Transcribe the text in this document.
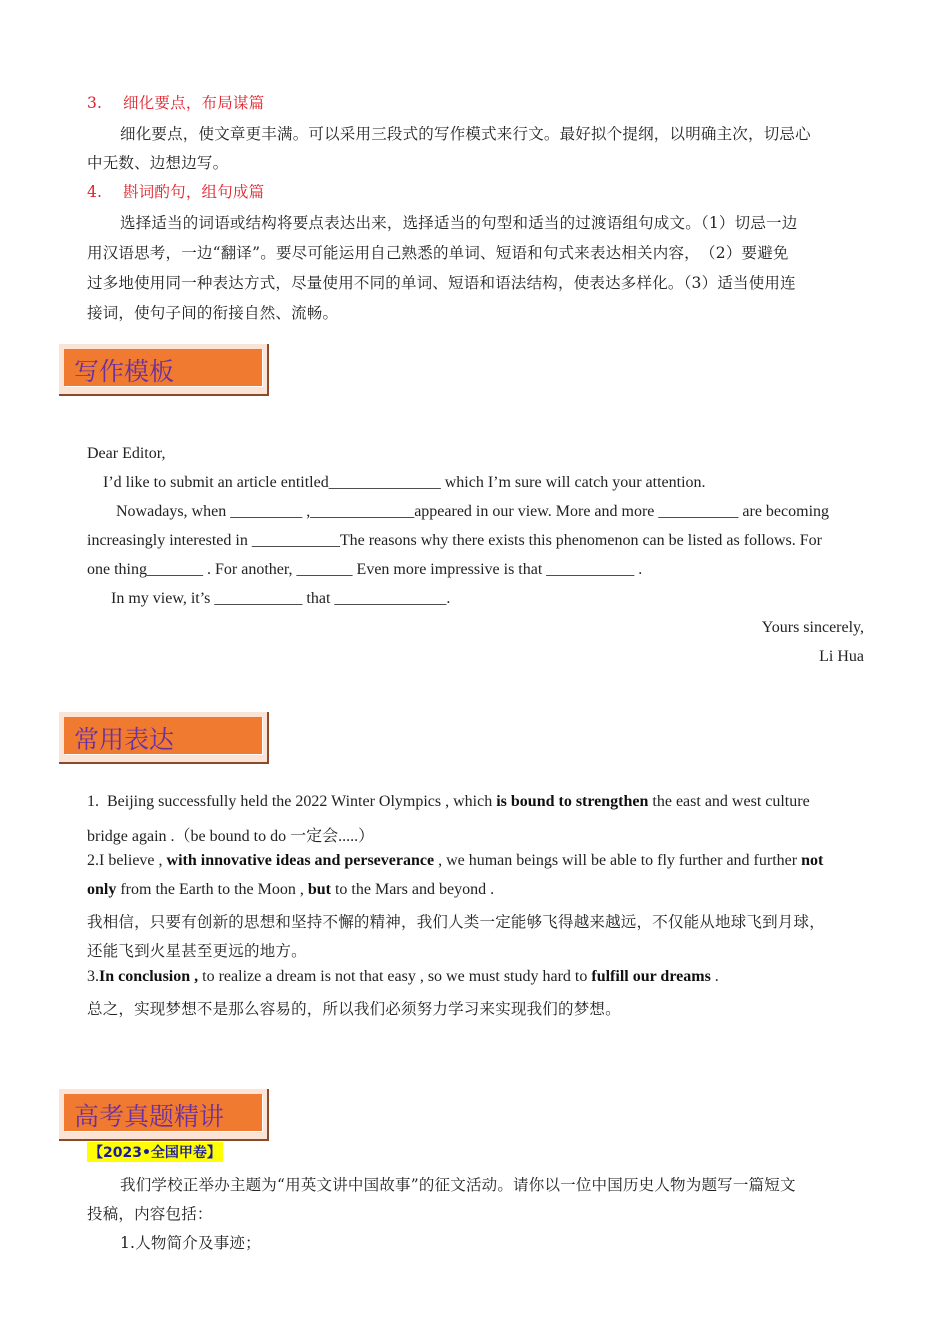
3.　 细化要点，布局谋篇
细化要点，使文章更丰满。可以采用三段式的写作模式来行文。最好拟个提纲，以明确主次，切忌心
中无数、边想边写。
4.　 斟词酌句，组句成篇
选择适当的词语或结构将要点表达出来，选择适当的句型和适当的过渡语组句成文。（1）切忌一边
用汉语思考，一边“翻译”。要尽可能运用自己熟悉的单词、短语和句式来表达相关内容，　（2）要避免
过多地使用同一种表达方式，尽量使用不同的单词、短语和语法结构，使表达多样化。（3）适当使用连
接词，使句子间的衔接自然、流畅。
写作模板
Dear Editor,
I’d like to submit an article entitled______________ which I’m sure will catch your attention.
Nowadays, when _________ ,_____________appeared in our view. More and more __________ are becoming
increasingly interested in ___________The reasons why there exists this phenomenon can be listed as follows. For
one thing_______ . For another, _______ Even more impressive is that ___________ .
In my view, it’s ___________ that ______________.
Yours sincerely,
Li Hua
常用表达
1.  Beijing successfully held the 2022 Winter Olympics , which is bound to strengthen the east and west culture
bridge again .（be bound to do 一定会.....）
2.I believe , with innovative ideas and perseverance , we human beings will be able to fly further and further not
only from the Earth to the Moon , but to the Mars and beyond .
我相信，只要有创新的思想和坚持不懈的精神，我们人类一定能够飞得越来越远，不仅能从地球飞到月球，
还能飞到火星甚至更远的地方。
3.In conclusion , to realize a dream is not that easy , so we must study hard to fulfill our dreams .
总之，实现梦想不是那么容易的，所以我们必须努力学习来实现我们的梦想。
高考真题精讲
【2023•全国甲卷】
我们学校正举办主题为“用英文讲中国故事”的征文活动。请你以一位中国历史人物为题写一篇短文
投稿，内容包括：
1.人物简介及事迹；
